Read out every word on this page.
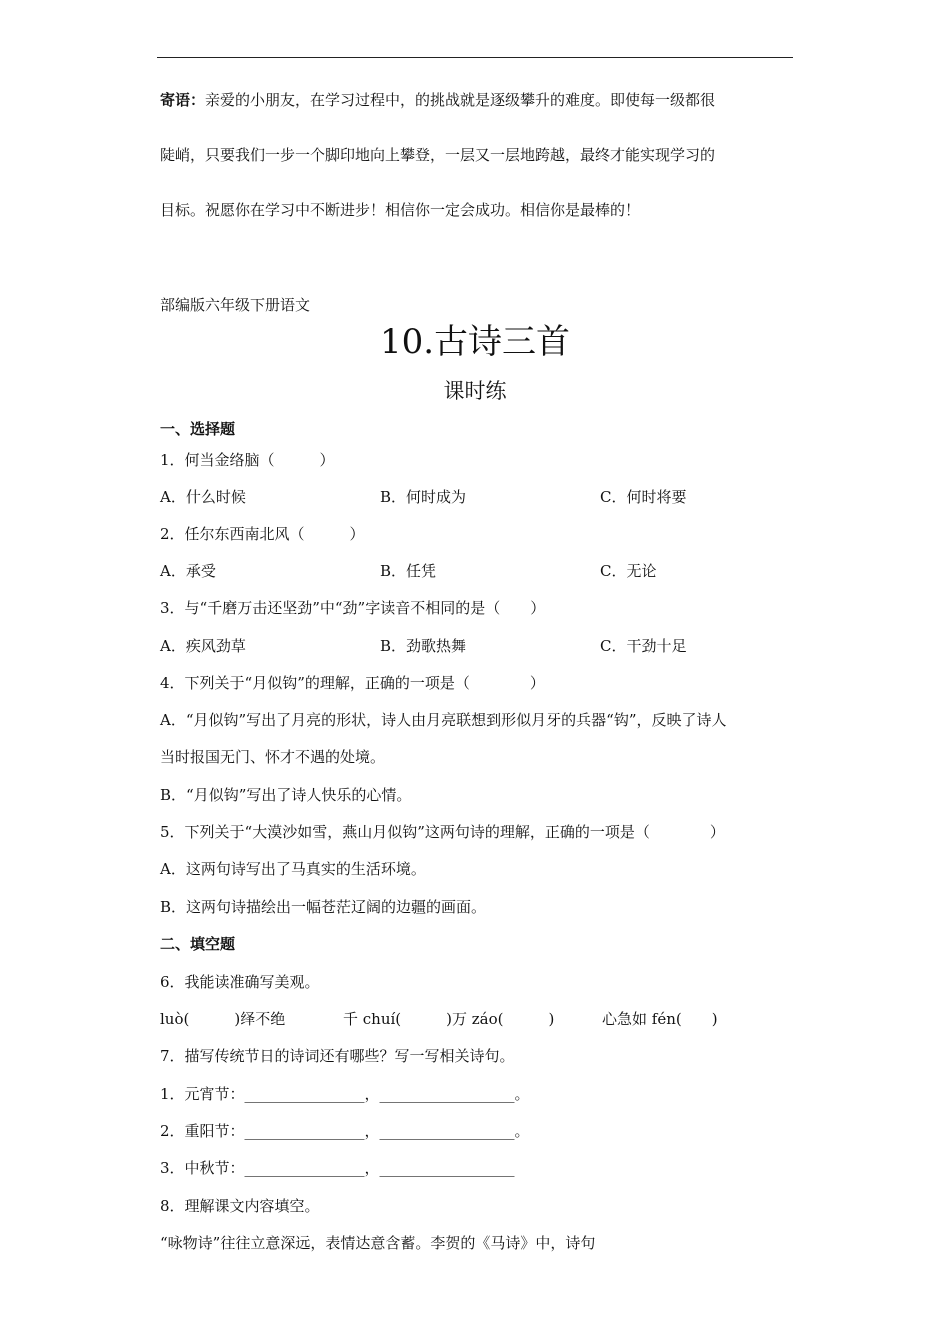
寄语：亲爱的小朋友，在学习过程中，的挑战就是逐级攀升的难度。即使每一级都很
陡峭，只要我们一步一个脚印地向上攀登，一层又一层地跨越，最终才能实现学习的
目标。祝愿你在学习中不断进步！相信你一定会成功。相信你是最棒的！
部编版六年级下册语文
10.古诗三首
课时练
一、选择题
1．何当金络脑（　　　）
A．什么时候	B．何时成为	C．何时将要
2．任尔东西南北风（　　　）
A．承受	B．任凭	C．无论
3．与“千磨万击还坚劲”中“劲”字读音不相同的是（　　）
A．疾风劲草	B．劲歌热舞	C．干劲十足
4．下列关于“月似钩”的理解，正确的一项是（　　　　）
A．“月似钩”写出了月亮的形状，诗人由月亮联想到形似月牙的兵器“钩”，反映了诗人
当时报国无门、怀才不遇的处境。
B．“月似钩”写出了诗人快乐的心情。
5．下列关于“大漠沙如雪，燕山月似钩”这两句诗的理解，正确的一项是（　　　　）
A．这两句诗写出了马真实的生活环境。
B．这两句诗描绘出一幅苍茫辽阔的边疆的画面。
二、填空题
6．我能读准确写美观。
luò(　　　)绎不绝	千 chuí(　　　)万 záo(　　　)	心急如 fén(　　)
7．描写传统节日的诗词还有哪些？写一写相关诗句。
1．元宵节：________________，__________________。
2．重阳节：________________，__________________。
3．中秋节：________________，__________________
8．理解课文内容填空。
“咏物诗”往往立意深远，表情达意含蓄。李贺的《马诗》中，诗句
